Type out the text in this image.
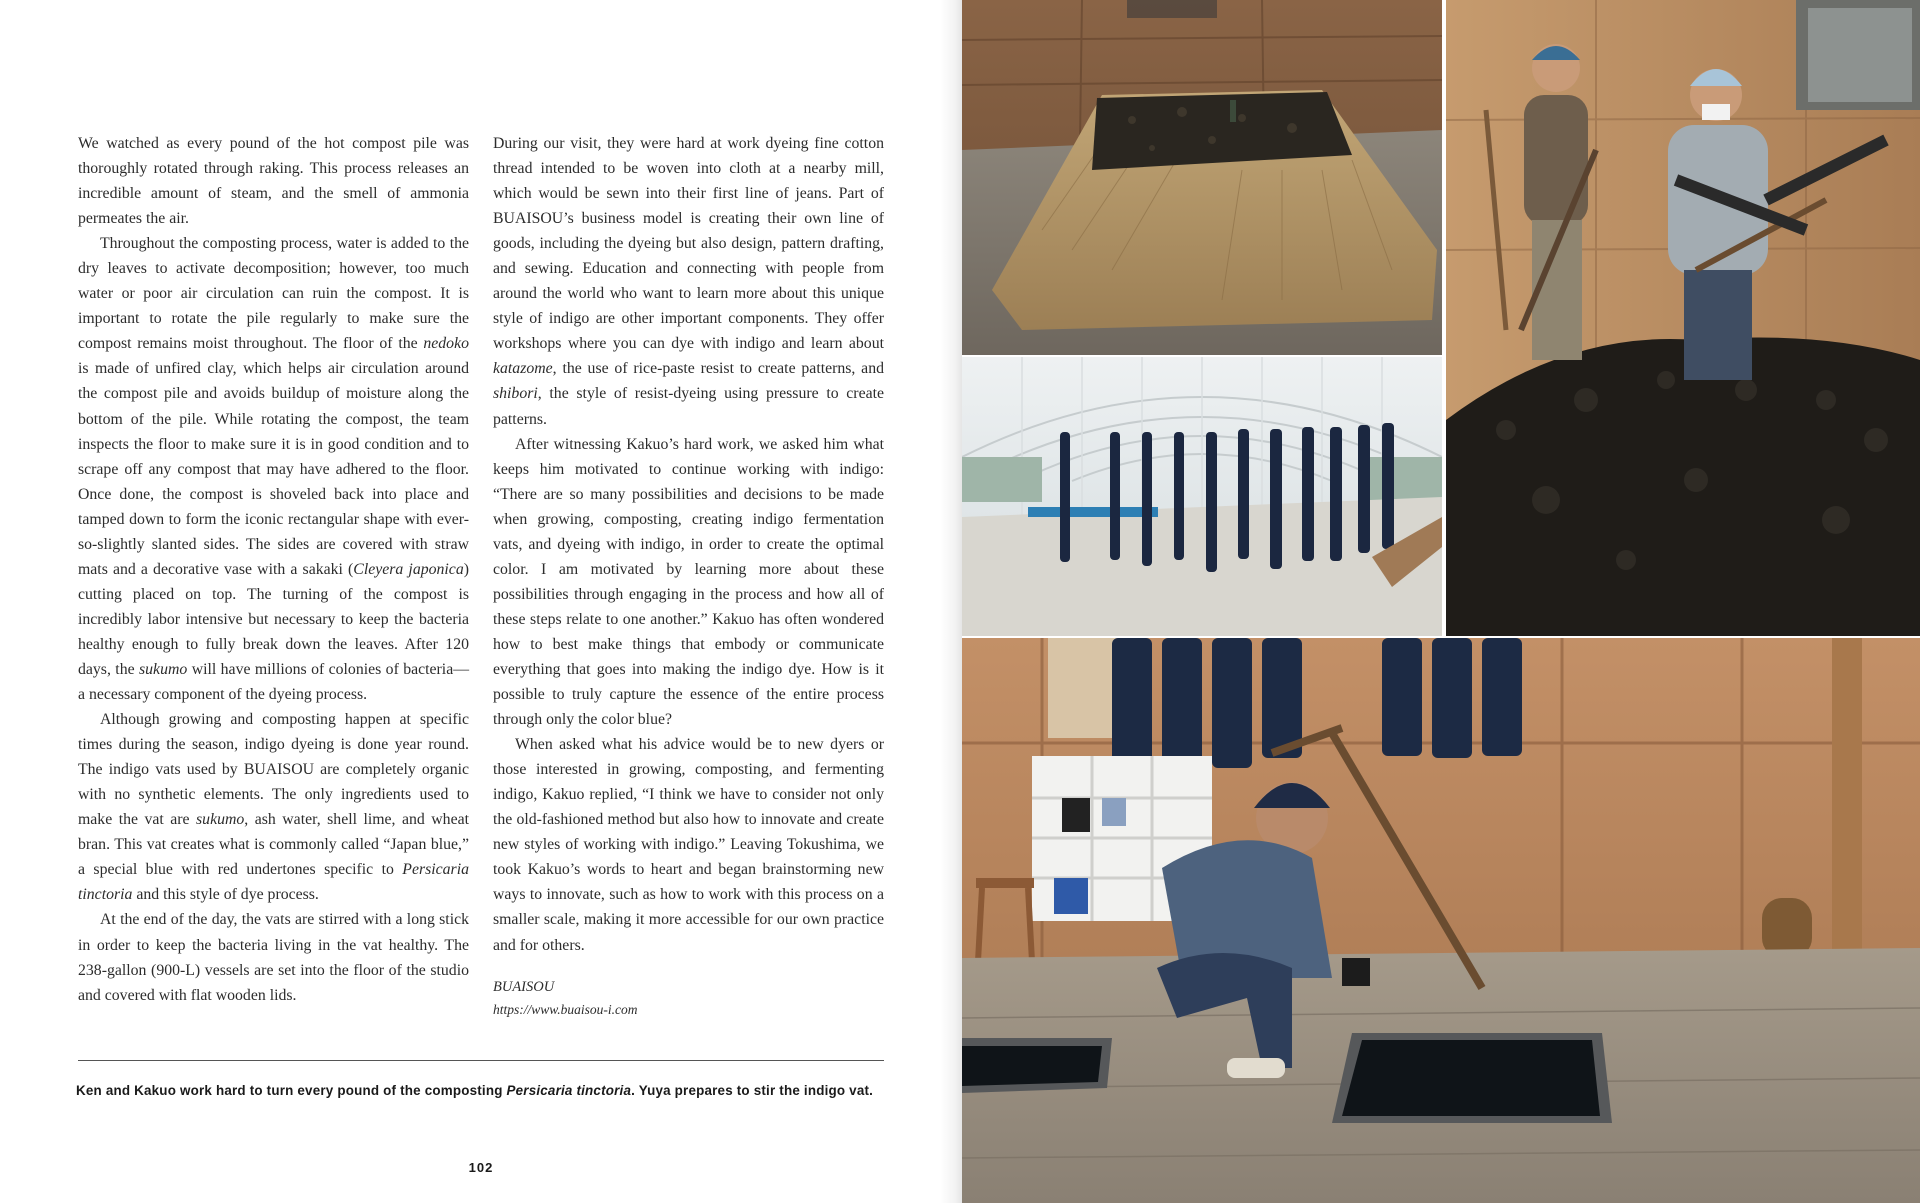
We watched as every pound of the hot compost pile was thoroughly rotated through raking. This process releases an incredible amount of steam, and the smell of ammonia permeates the air.

Throughout the composting process, water is added to the dry leaves to activate decomposition; however, too much water or poor air circulation can ruin the compost. It is important to rotate the pile regularly to make sure the compost remains moist throughout. The floor of the nedoko is made of unfired clay, which helps air circulation around the compost pile and avoids buildup of moisture along the bottom of the pile. While rotating the compost, the team inspects the floor to make sure it is in good condition and to scrape off any compost that may have adhered to the floor. Once done, the compost is shoveled back into place and tamped down to form the iconic rectangular shape with ever-so-slightly slanted sides. The sides are covered with straw mats and a decorative vase with a sakaki (Cleyera japonica) cutting placed on top. The turning of the compost is incredibly labor intensive but necessary to keep the bacteria healthy enough to fully break down the leaves. After 120 days, the sukumo will have millions of colonies of bacteria—a necessary component of the dyeing process.

Although growing and composting happen at specific times during the season, indigo dyeing is done year round. The indigo vats used by BUAISOU are completely organic with no synthetic elements. The only ingredients used to make the vat are sukumo, ash water, shell lime, and wheat bran. This vat creates what is commonly called “Japan blue,” a special blue with red undertones specific to Persicaria tinctoria and this style of dye process.

At the end of the day, the vats are stirred with a long stick in order to keep the bacteria living in the vat healthy. The 238-gallon (900-L) vessels are set into the floor of the studio and covered with flat wooden lids.

During our visit, they were hard at work dyeing fine cotton thread intended to be woven into cloth at a nearby mill, which would be sewn into their first line of jeans. Part of BUAISOU’s business model is creating their own line of goods, including the dyeing but also design, pattern drafting, and sewing. Education and connecting with people from around the world who want to learn more about this unique style of indigo are other important components. They offer workshops where you can dye with indigo and learn about katazome, the use of rice-paste resist to create patterns, and shibori, the style of resist-dyeing using pressure to create patterns.

After witnessing Kakuo’s hard work, we asked him what keeps him motivated to continue working with indigo: “There are so many possibilities and decisions to be made when growing, composting, creating indigo fermentation vats, and dyeing with indigo, in order to create the optimal color. I am motivated by learning more about these possibilities through engaging in the process and how all of these steps relate to one another.” Kakuo has often wondered how to best make things that embody or communicate everything that goes into making the indigo dye. How is it possible to truly capture the essence of the entire process through only the color blue?

When asked what his advice would be to new dyers or those interested in growing, composting, and fermenting indigo, Kakuo replied, “I think we have to consider not only the old-fashioned method but also how to innovate and create new styles of working with indigo.” Leaving Tokushima, we took Kakuo’s words to heart and began brainstorming new ways to innovate, such as how to work with this process on a smaller scale, making it more accessible for our own practice and for others.

BUAISOU
https://www.buaisou-i.com
Ken and Kakuo work hard to turn every pound of the composting Persicaria tinctoria. Yuya prepares to stir the indigo vat.
102
